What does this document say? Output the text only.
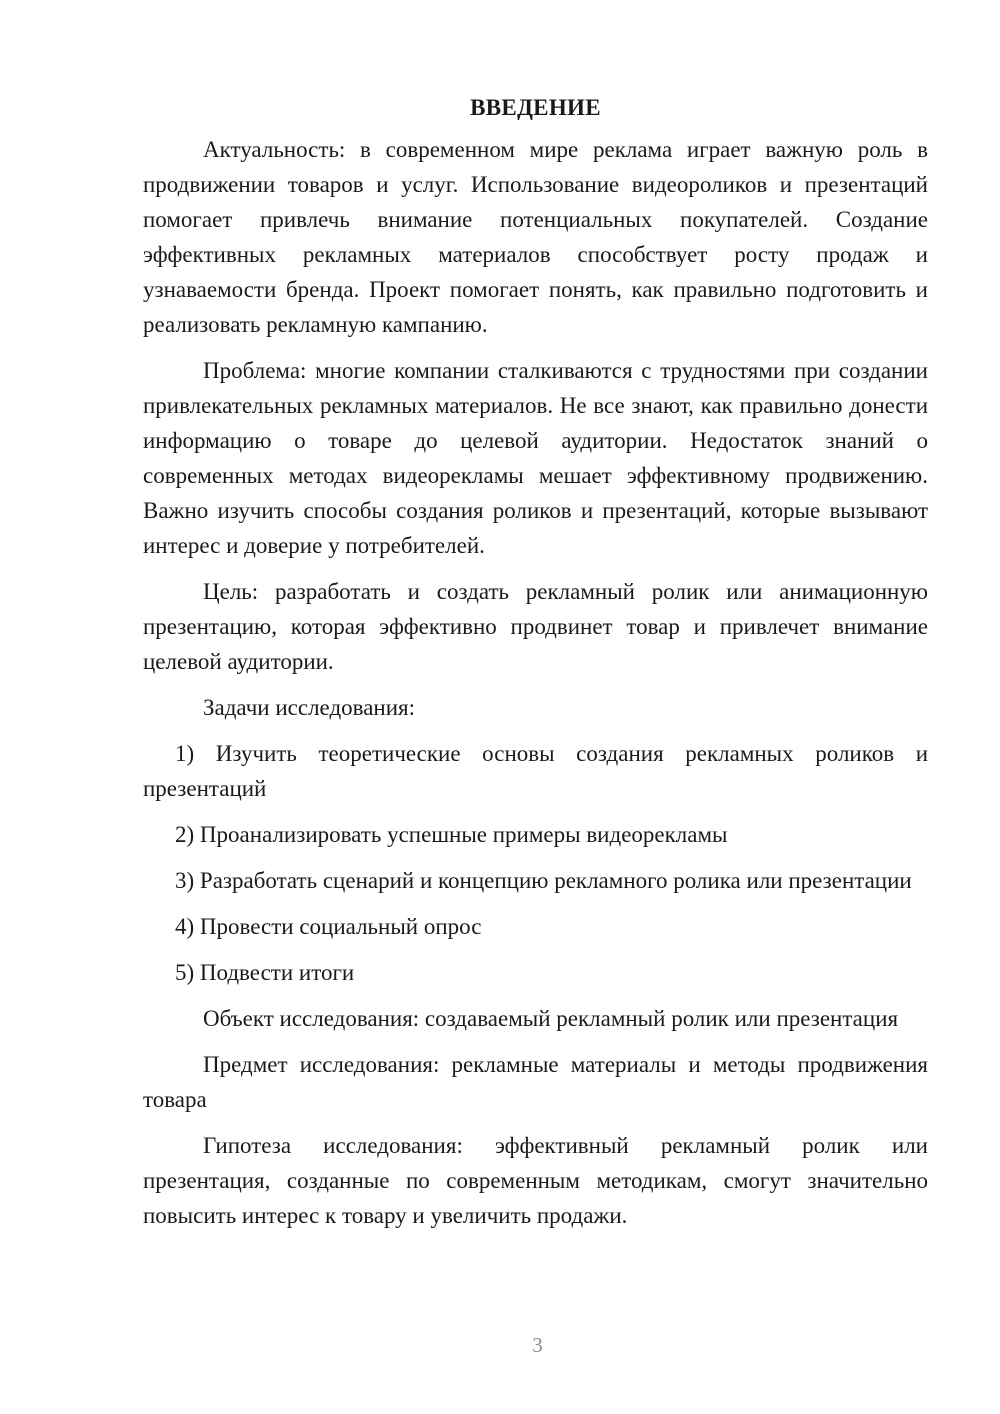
ВВЕДЕНИЕ

Актуальность: в современном мире реклама играет важную роль в продвижении товаров и услуг. Использование видеороликов и презентаций помогает привлечь внимание потенциальных покупателей. Создание эффективных рекламных материалов способствует росту продаж и узнаваемости бренда. Проект помогает понять, как правильно подготовить и реализовать рекламную кампанию.

Проблема: многие компании сталкиваются с трудностями при создании привлекательных рекламных материалов. Не все знают, как правильно донести информацию о товаре до целевой аудитории. Недостаток знаний о современных методах видеорекламы мешает эффективному продвижению. Важно изучить способы создания роликов и презентаций, которые вызывают интерес и доверие у потребителей.

Цель: разработать и создать рекламный ролик или анимационную презентацию, которая эффективно продвинет товар и привлечет внимание целевой аудитории.

Задачи исследования:

1) Изучить теоретические основы создания рекламных роликов и презентаций

2) Проанализировать успешные примеры видеорекламы

3) Разработать сценарий и концепцию рекламного ролика или презентации

4) Провести социальный опрос

5) Подвести итоги

Объект исследования: создаваемый рекламный ролик или презентация

Предмет исследования: рекламные материалы и методы продвижения товара

Гипотеза исследования: эффективный рекламный ролик или презентация, созданные по современным методикам, смогут значительно повысить интерес к товару и увеличить продажи.

3
